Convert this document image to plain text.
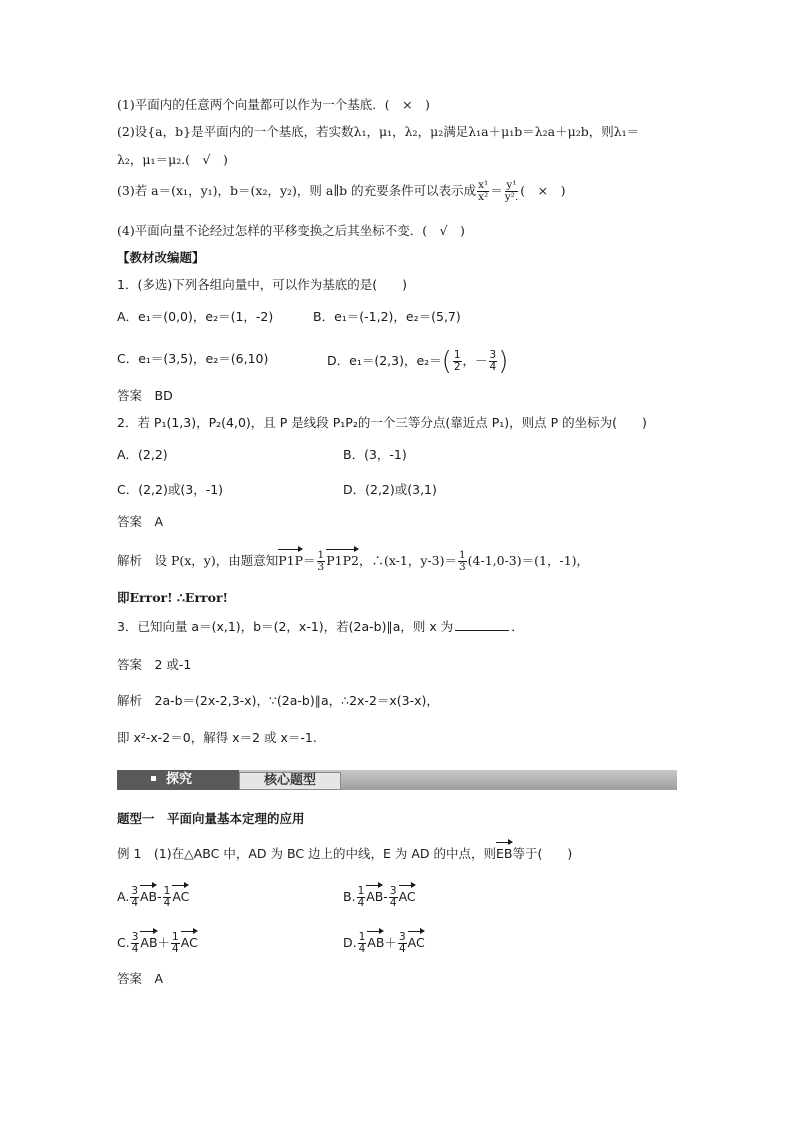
(1)平面内的任意两个向量都可以作为一个基底．(　×　)
(2)设{a，b}是平面内的一个基底，若实数λ₁，μ₁，λ₂，μ₂满足λ₁a＋μ₁b＝λ₂a＋μ₂b，则λ₁＝
λ₂，μ₁＝μ₂.(　√　)
(3)若 a＝(x₁，y₁)，b＝(x₂，y₂)，则 a∥b 的充要条件可以表示成 $\frac{\text{x¹}}{\text{x²}} = \frac{\text{y¹}}{\text{y².}}$ (　×　)
(4)平面向量不论经过怎样的平移变换之后其坐标不变．(　√　)
【教材改编题】
1．(多选)下列各组向量中，可以作为基底的是(　　)
A．e₁＝(0,0)，e₂＝(1，-2)	B．e₁＝(-1,2)，e₂＝(5,7)
C．e₁＝(3,5)，e₂＝(6,10)	D．e₁＝(2,3)，$e_2=( \frac{1}{2}$ ，－ $\frac{3}{4}$ )
答案　BD
2．若 P₁(1,3)，P₂(4,0)，且 P 是线段 P₁P₂的一个三等分点(靠近点 P₁)，则点 P 的坐标为(　　)
A．(2,2)	B．(3，-1)
C．(2,2)或(3，-1)	D．(2,2)或(3,1)
答案　A
解析　设 P(x，y)，由题意知$P1P= \frac{1}{3} P1P2$，∴(x-1，$y-3)= \frac{1}{3} (4-1,0-3)=(1$，-1)，
即Error! ∴Error!
3．已知向量 a＝(x,1)，b＝(2，x-1)，若(2a-b)∥a，则 x 为	．
答案　2 或-1
解析　2a-b＝(2x-2,3-x)，∵(2a-b)∥a，∴2x-2＝x(3-x)，
即 x²-x-2＝0，解得 x＝2 或 x＝-1.
探究	核心题型
题型一　平面向量基本定理的应用
例 1　(1)在△ABC 中，AD 为 BC 边上的中线，E 为 AD 的中点，则EB等于(　　)
A. $\frac{3}{4} AB- \frac{1}{4}$ AC	B. $\frac{1}{4} AB- \frac{3}{4}$ AC
C. $\frac{3}{4} AB+ \frac{1}{4}$ AC	D. $\frac{1}{4} AB+ \frac{3}{4}$ AC
答案　A
